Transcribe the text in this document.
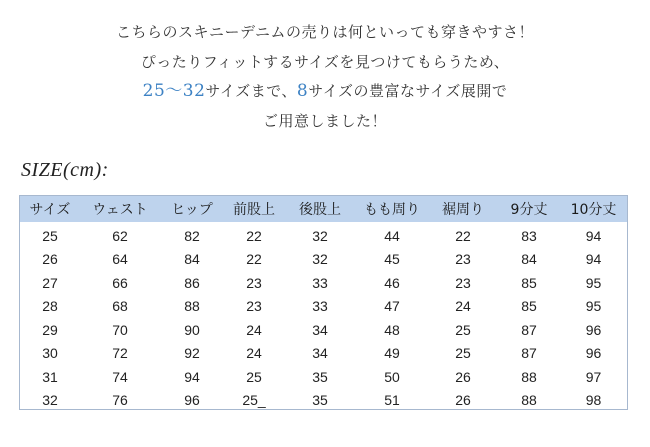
こちらのスキニーデニムの売りは何といっても穿きやすさ！
ぴったりフィットするサイズを見つけてもらうため、
25〜32サイズまで、8サイズの豊富なサイズ展開で
ご用意しました！
SIZE(cm):
サイズ	ウェスト	ヒップ	前股上	後股上	もも周り	裾周り	9分丈	10分丈
25	62	82	22	32	44	22	83	94
26	64	84	22	32	45	23	84	94
27	66	86	23	33	46	23	85	95
28	68	88	23	33	47	24	85	95
29	70	90	24	34	48	25	87	96
30	72	92	24	34	49	25	87	96
31	74	94	25	35	50	26	88	97
32	76	96	25_	35	51	26	88	98
